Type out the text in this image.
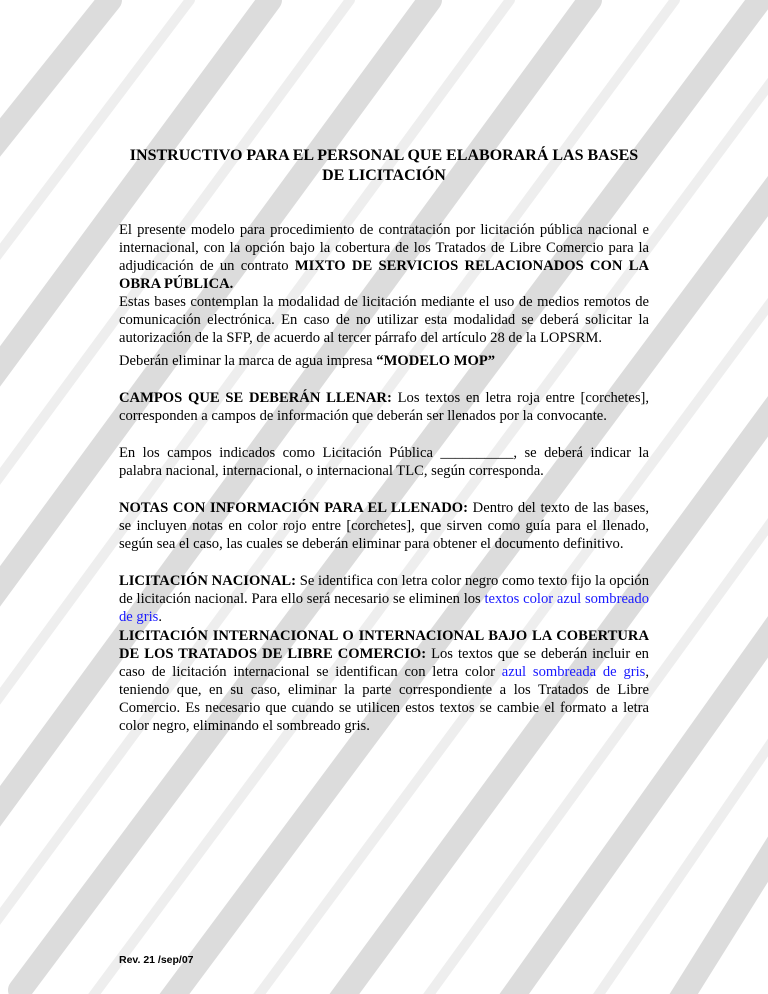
INSTRUCTIVO PARA EL PERSONAL QUE ELABORARÁ LAS BASES
DE LICITACIÓN

El presente modelo para procedimiento de contratación por licitación pública nacional e internacional, con la opción bajo la cobertura de los Tratados de Libre Comercio para la adjudicación de un contrato MIXTO DE SERVICIOS RELACIONADOS CON LA OBRA PÚBLICA.
Estas bases contemplan la modalidad de licitación mediante el uso de medios remotos de comunicación electrónica. En caso de no utilizar esta modalidad se deberá solicitar la autorización de la SFP, de acuerdo al tercer párrafo del artículo 28 de la LOPSRM.

Deberán eliminar la marca de agua impresa “MODELO MOP”

CAMPOS QUE SE DEBERÁN LLENAR: Los textos en letra roja entre [corchetes], corresponden a campos de información que deberán ser llenados por la convocante.

En los campos indicados como Licitación Pública __________, se deberá indicar la palabra nacional, internacional, o internacional TLC, según corresponda.

NOTAS CON INFORMACIÓN PARA EL LLENADO: Dentro del texto de las bases, se incluyen notas en color rojo entre [corchetes], que sirven como guía para el llenado, según sea el caso, las cuales se deberán eliminar para obtener el documento definitivo.

LICITACIÓN NACIONAL: Se identifica con letra color negro como texto fijo la opción de licitación nacional. Para ello será necesario se eliminen los textos color azul sombreado de gris.

LICITACIÓN INTERNACIONAL O INTERNACIONAL BAJO LA COBERTURA DE LOS TRATADOS DE LIBRE COMERCIO: Los textos que se deberán incluir en caso de licitación internacional se identifican con letra color azul sombreada de gris, teniendo que, en su caso, eliminar la parte correspondiente a los Tratados de Libre Comercio. Es necesario que cuando se utilicen estos textos se cambie el formato a letra color negro, eliminando el sombreado gris.

Rev. 21 /sep/07
